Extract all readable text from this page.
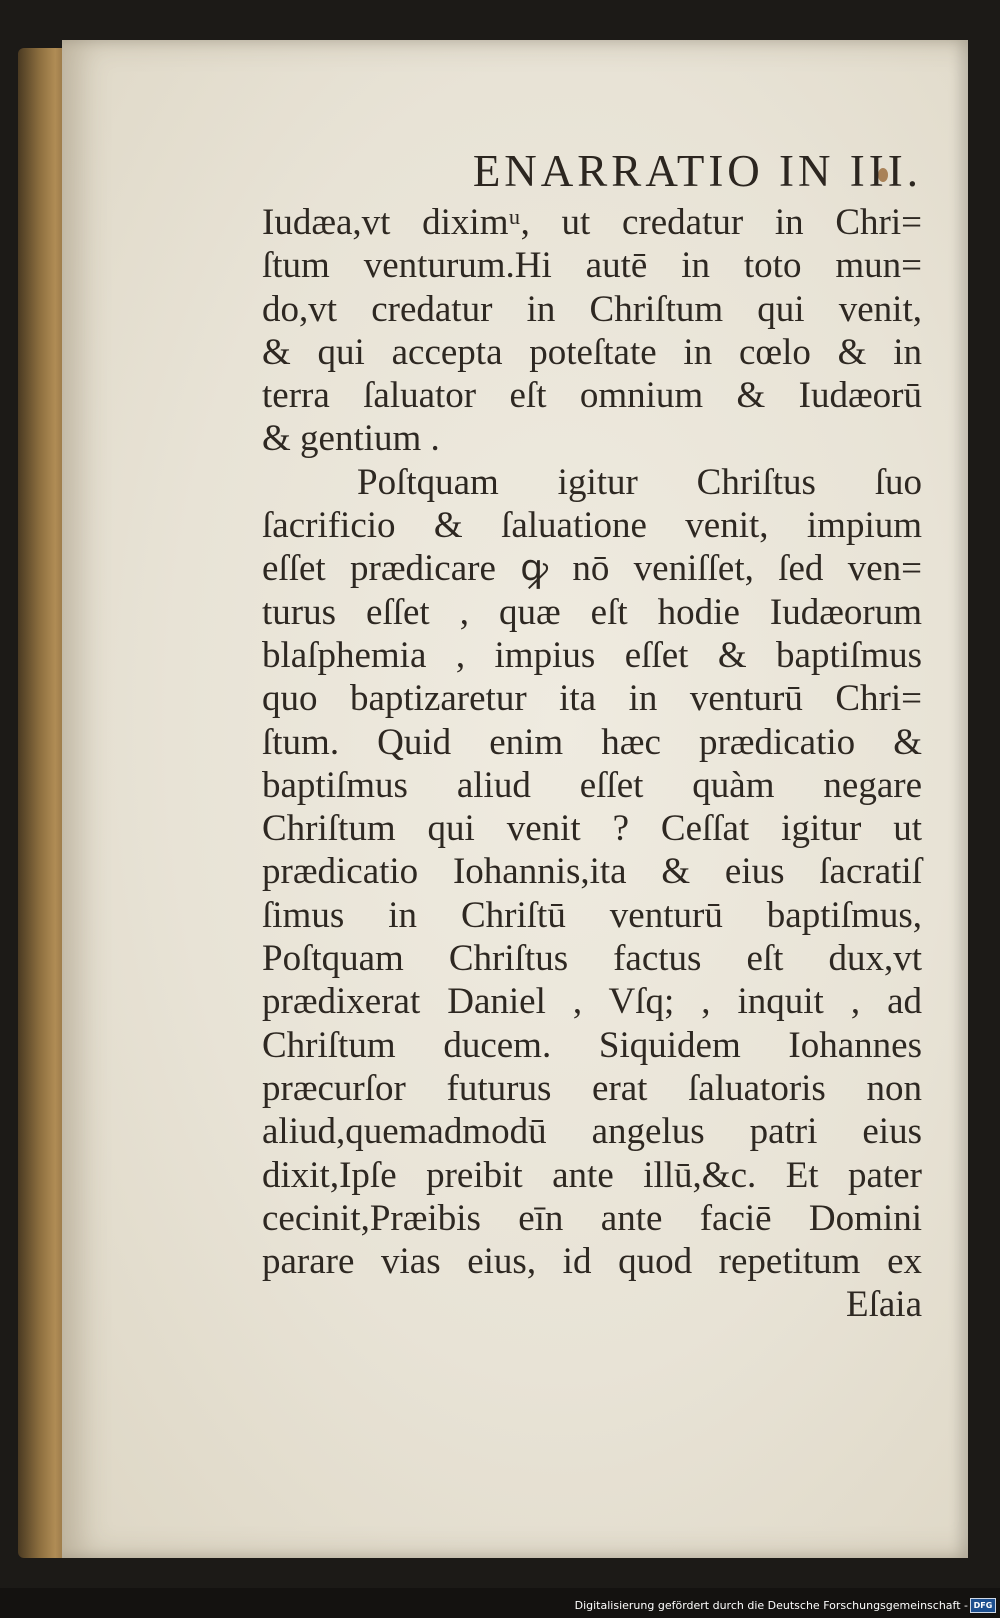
ENARRATIO IN III.
Iudæa,vt diximᵘ, ut credatur in Chri=
ſtum venturum.Hi autē in toto mun=
do,vt credatur in Chriſtum qui venit,
& qui accepta poteſtate in cœlo & in
terra ſaluator eſt omnium & Iudæorū
& gentium .
Poſtquam igitur Chriſtus ſuo
ſacrificio & ſaluatione venit, impium
eſſet prædicare ꝙ nō veniſſet, ſed ven=
turus eſſet , quæ eſt hodie Iudæorum
blaſphemia , impius eſſet & baptiſmus
quo baptizaretur ita in venturū Chri=
ſtum. Quid enim hæc prædicatio &
baptiſmus aliud eſſet quàm negare
Chriſtum qui venit ? Ceſſat igitur ut
prædicatio Iohannis,ita & eius ſacratiſ
ſimus in Chriſtū venturū baptiſmus,
Poſtquam Chriſtus factus eſt dux,vt
prædixerat Daniel , Vſq; , inquit , ad
Chriſtum ducem. Siquidem Iohannes
præcurſor futurus erat ſaluatoris non
aliud,quemadmodū angelus patri eius
dixit,Ipſe preibit ante illū,&c. Et pater
cecinit,Præibis eīn ante faciē Domini
parare vias eius, id quod repetitum ex
Eſaia
Digitalisierung gefördert durch die Deutsche Forschungsgemeinschaft - DFG
